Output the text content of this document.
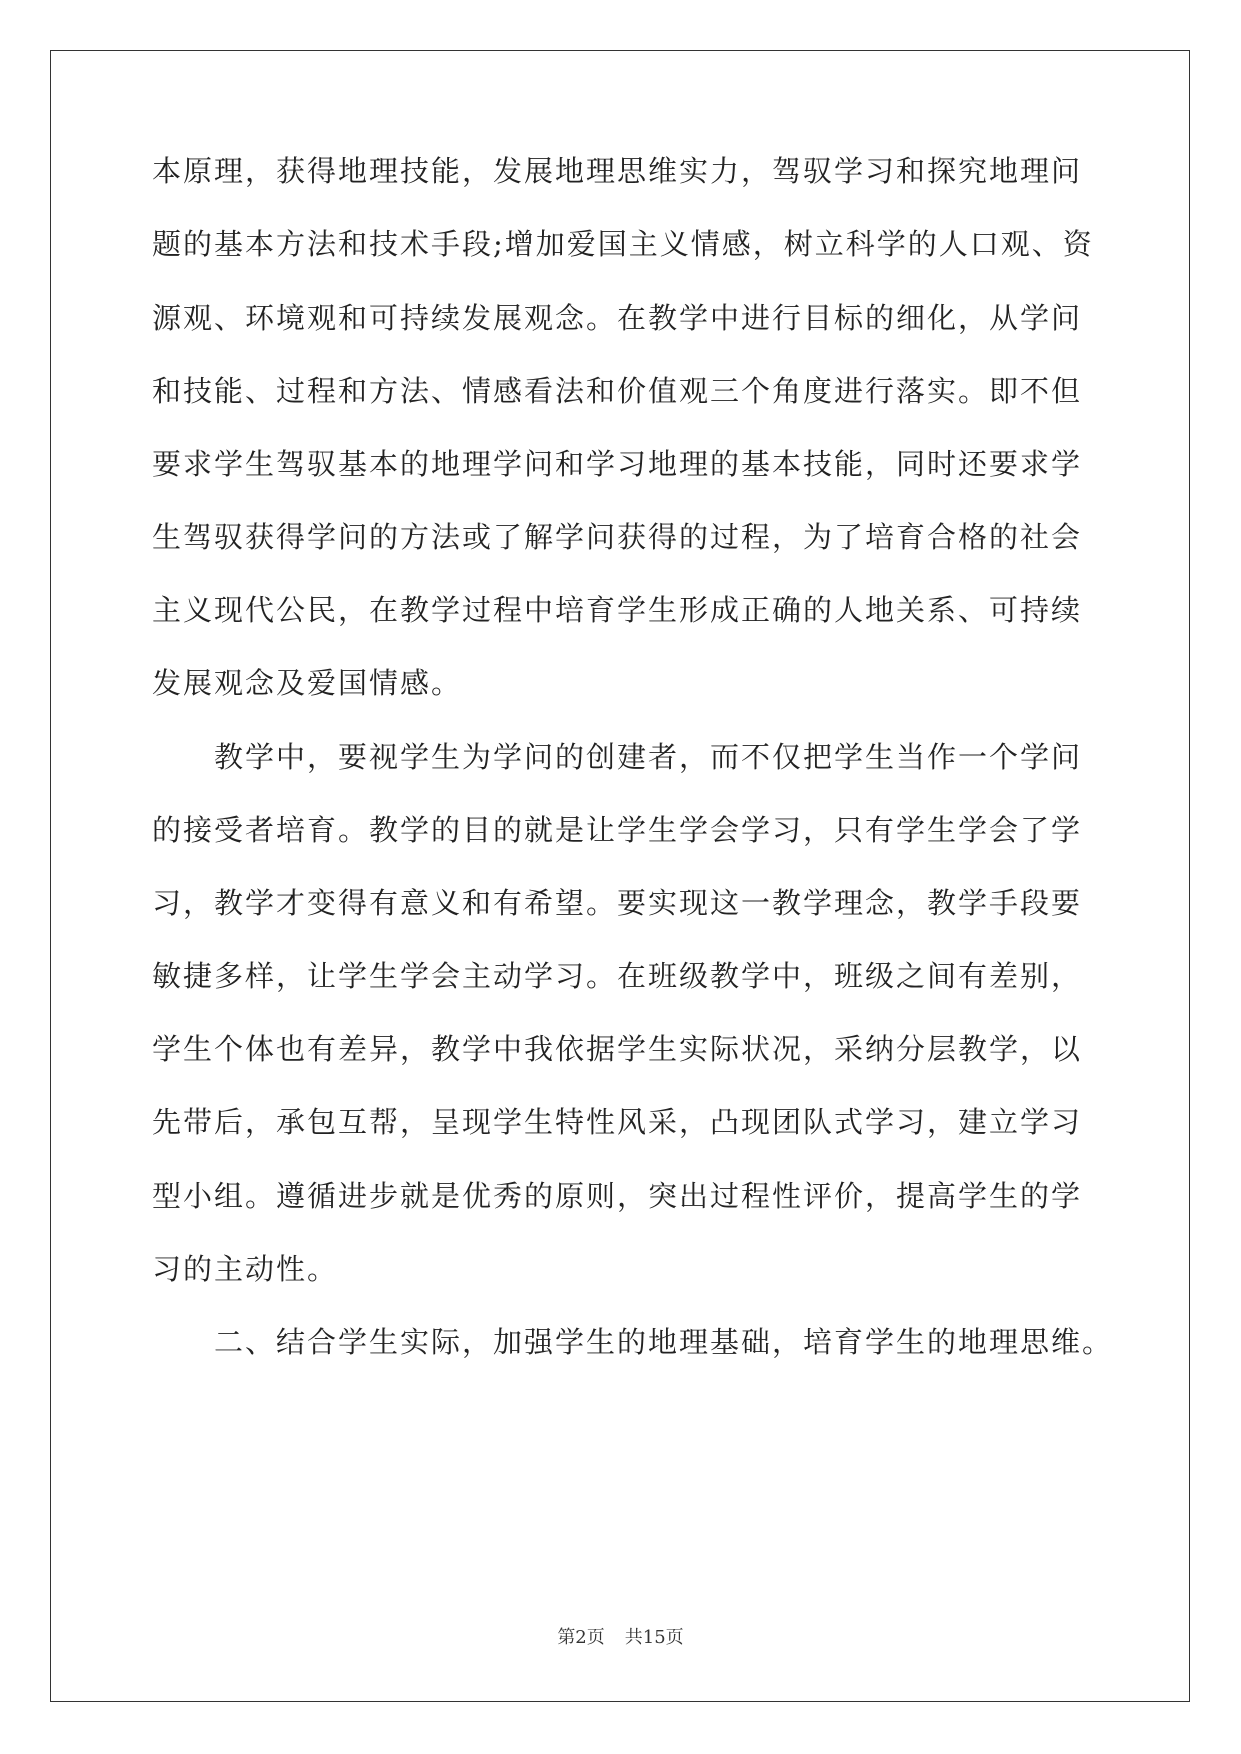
本原理，获得地理技能，发展地理思维实力，驾驭学习和探究地理问
题的基本方法和技术手段;增加爱国主义情感，树立科学的人口观、资
源观、环境观和可持续发展观念。在教学中进行目标的细化，从学问
和技能、过程和方法、情感看法和价值观三个角度进行落实。即不但
要求学生驾驭基本的地理学问和学习地理的基本技能，同时还要求学
生驾驭获得学问的方法或了解学问获得的过程，为了培育合格的社会
主义现代公民，在教学过程中培育学生形成正确的人地关系、可持续
发展观念及爱国情感。
　　教学中，要视学生为学问的创建者，而不仅把学生当作一个学问
的接受者培育。教学的目的就是让学生学会学习，只有学生学会了学
习，教学才变得有意义和有希望。要实现这一教学理念，教学手段要
敏捷多样，让学生学会主动学习。在班级教学中，班级之间有差别，
学生个体也有差异，教学中我依据学生实际状况，采纳分层教学，以
先带后，承包互帮，呈现学生特性风采，凸现团队式学习，建立学习
型小组。遵循进步就是优秀的原则，突出过程性评价，提高学生的学
习的主动性。
　　二、结合学生实际，加强学生的地理基础，培育学生的地理思维。
第2页 共15页
